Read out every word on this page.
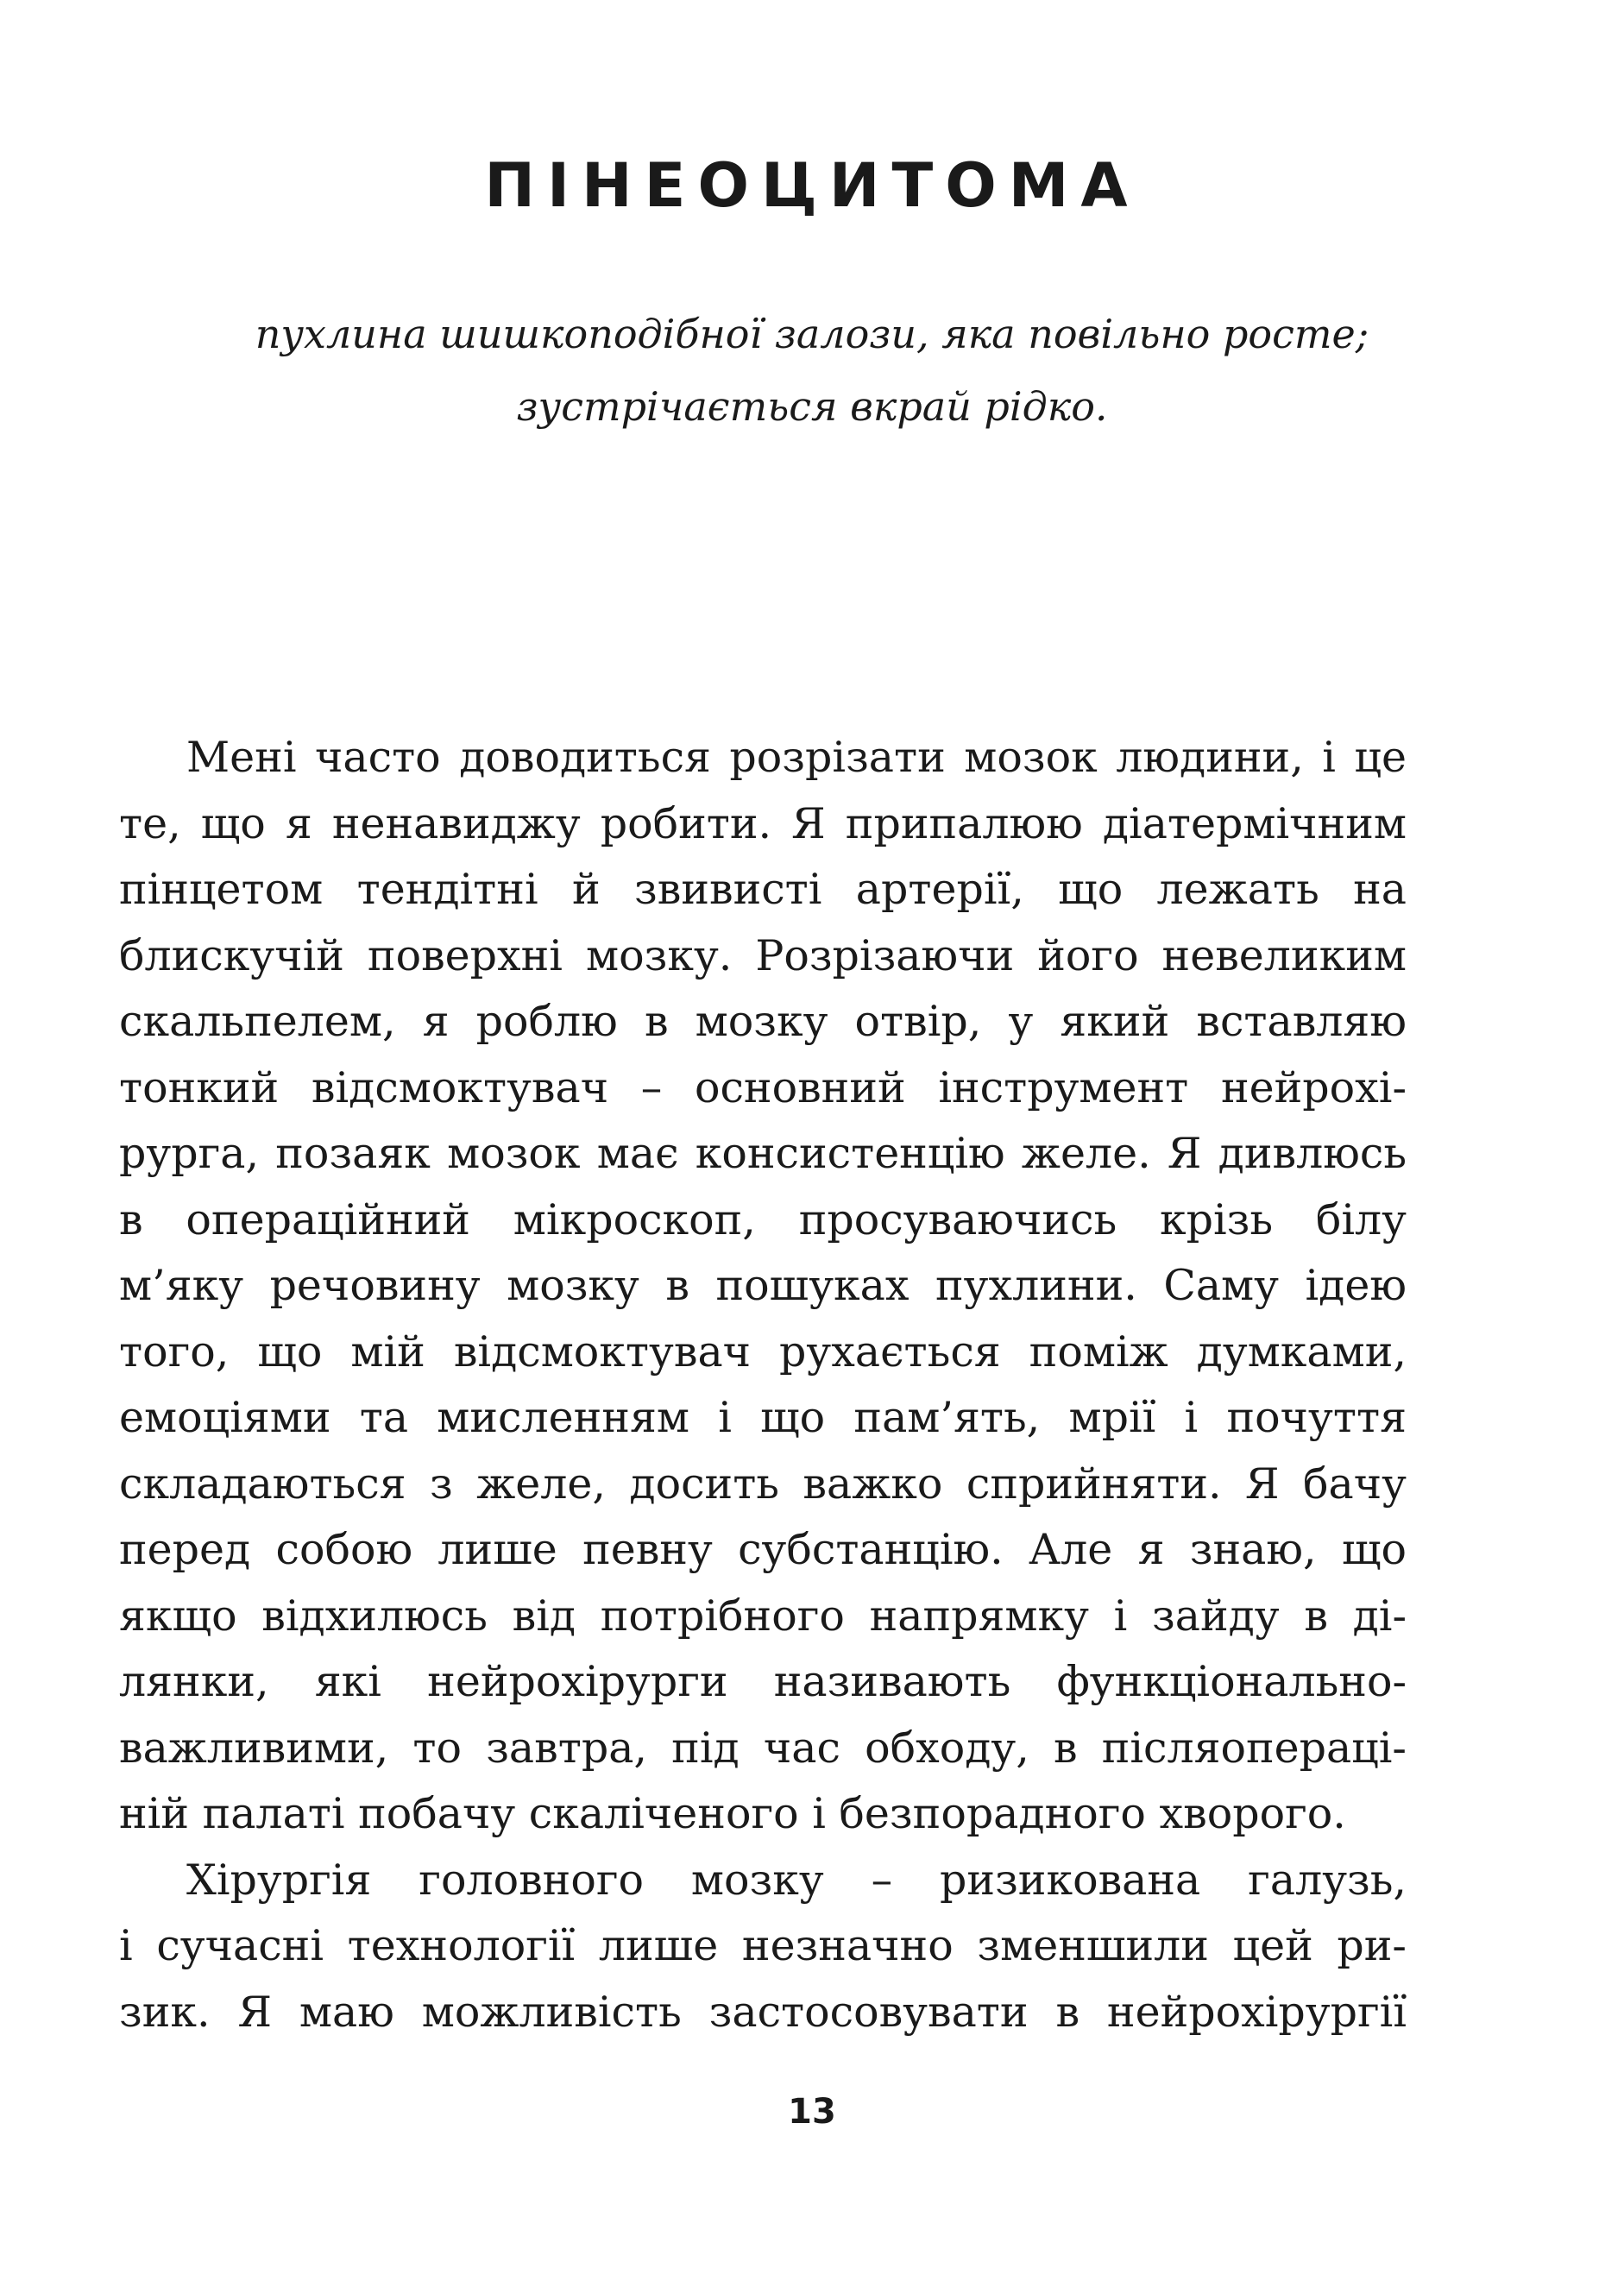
ПІНЕОЦИТОМА
пухлина шишкоподібної залози, яка повільно росте;
зустрічається вкрай рідко.
Мені часто доводиться розрізати мозок людини, і це
те, що я ненавиджу робити. Я припалюю діатермічним
пінцетом тендітні й звивисті артерії, що лежать на
блискучій поверхні мозку. Розрізаючи його невеликим
скальпелем, я роблю в мозку отвір, у який вставляю
тонкий відсмоктувач – основний інструмент нейрохі-
рурга, позаяк мозок має консистенцію желе. Я дивлюсь
в операційний мікроскоп, просуваючись крізь білу
м’яку речовину мозку в пошуках пухлини. Саму ідею
того, що мій відсмоктувач рухається поміж думками,
емоціями та мисленням і що пам’ять, мрії і почуття
складаються з желе, досить важко сприйняти. Я бачу
перед собою лише певну субстанцію. Але я знаю, що
якщо відхилюсь від потрібного напрямку і зайду в ді-
лянки, які нейрохірурги називають функціонально-
важливими, то завтра, під час обходу, в післяопераці-
ній палаті побачу скаліченого і безпорадного хворого.
Хірургія головного мозку – ризикована галузь,
і сучасні технології лише незначно зменшили цей ри-
зик. Я маю можливість застосовувати в нейрохірургії
13
